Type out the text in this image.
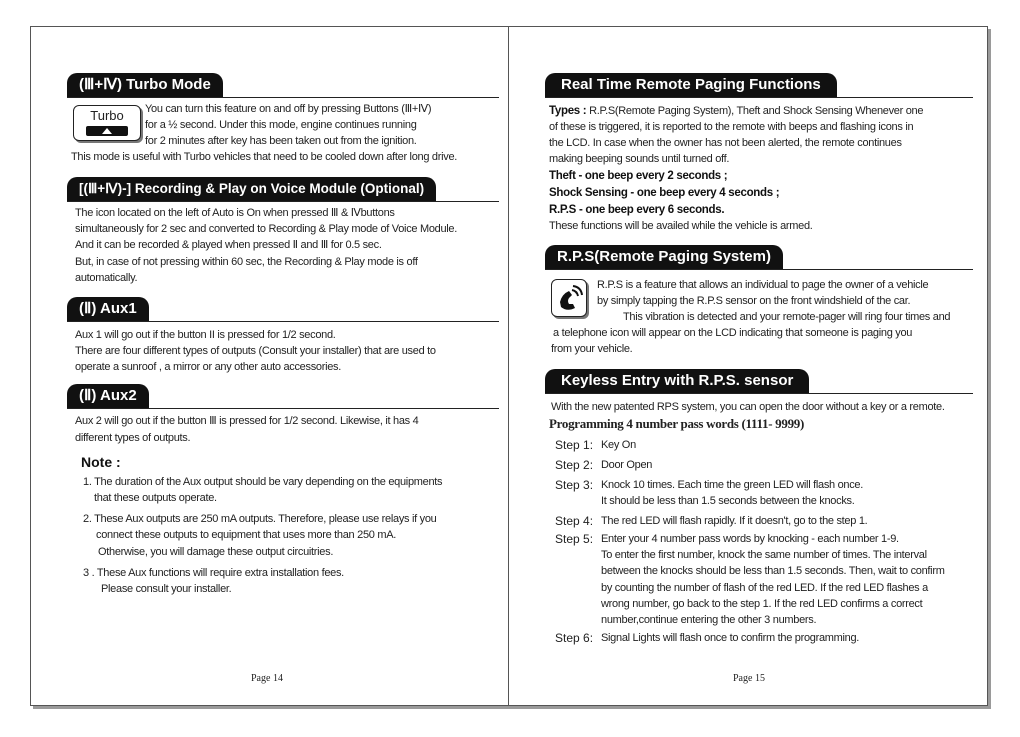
(Ⅲ+Ⅳ) Turbo Mode
Turbo	You can turn this feature on and off by pressing Buttons (Ⅲ+Ⅳ)
for a ½ second. Under this mode, engine continues running
for 2 minutes after key has been taken out from the ignition.
This mode is useful with Turbo vehicles that need to be cooled down after long drive.
[(Ⅲ+Ⅳ)-] Recording & Play on Voice Module (Optional)
The icon located on the left of Auto is On when pressed Ⅲ & Ⅳbuttons
simultaneously for 2 sec and converted to Recording & Play mode of Voice Module.
And it can be recorded & played when pressed Ⅱ and Ⅲ for 0.5 sec.
But, in case of not pressing within 60 sec, the Recording & Play mode is off
automatically.
(Ⅱ) Aux1
Aux 1 will go out if the button II is pressed for 1/2 second.
There are four different types of outputs (Consult your installer) that are used to
operate a sunroof , a mirror or any other auto accessories.
(Ⅱ) Aux2
Aux 2 will go out if the button Ⅲ is pressed for 1/2 second. Likewise, it has 4
different types of outputs.
Note :
1. The duration of the Aux output should be vary depending on the equipments
that these outputs operate.
2. These Aux outputs are 250 mA outputs. Therefore, please use relays if you
connect these outputs to equipment that uses more than 250 mA.
Otherwise, you will damage these output circuitries.
3 . These Aux functions will require extra installation fees.
Please consult your installer.
Page 14
Real Time Remote Paging Functions
Types : R.P.S(Remote Paging System), Theft and Shock Sensing Whenever one
of these is triggered, it is reported to the remote with beeps and flashing icons in
the LCD. In case when the owner has not been alerted, the remote continues
making beeping sounds until turned off.
Theft - one beep every 2 seconds ;
Shock Sensing - one beep every 4 seconds ;
R.P.S - one beep every 6 seconds.
These functions will be availed while the vehicle is armed.
R.P.S(Remote Paging System)
R.P.S is a feature that allows an individual to page the owner of a vehicle
by simply tapping the R.P.S sensor on the front windshield of the car.
This vibration is detected and your remote-pager will ring four times and
a telephone icon will appear on the LCD indicating that someone is paging you
from your vehicle.
Keyless Entry with R.P.S. sensor
With the new patented RPS system, you can open the door without a key or a remote.
Programming 4 number pass words (1111- 9999)
Step 1: Key On
Step 2: Door Open
Step 3: Knock 10 times. Each time the green LED will flash once.
It should be less than 1.5 seconds between the knocks.
Step 4: The red LED will flash rapidly. If it doesn't, go to the step 1.
Step 5: Enter your 4 number pass words by knocking - each number 1-9.
To enter the first number, knock the same number of times. The interval
between the knocks should be less than 1.5 seconds. Then, wait to confirm
by counting the number of flash of the red LED. If the red LED flashes a
wrong number, go back to the step 1. If the red LED confirms a correct
number,continue entering the other 3 numbers.
Step 6: Signal Lights will flash once to confirm the programming.
Page 15
